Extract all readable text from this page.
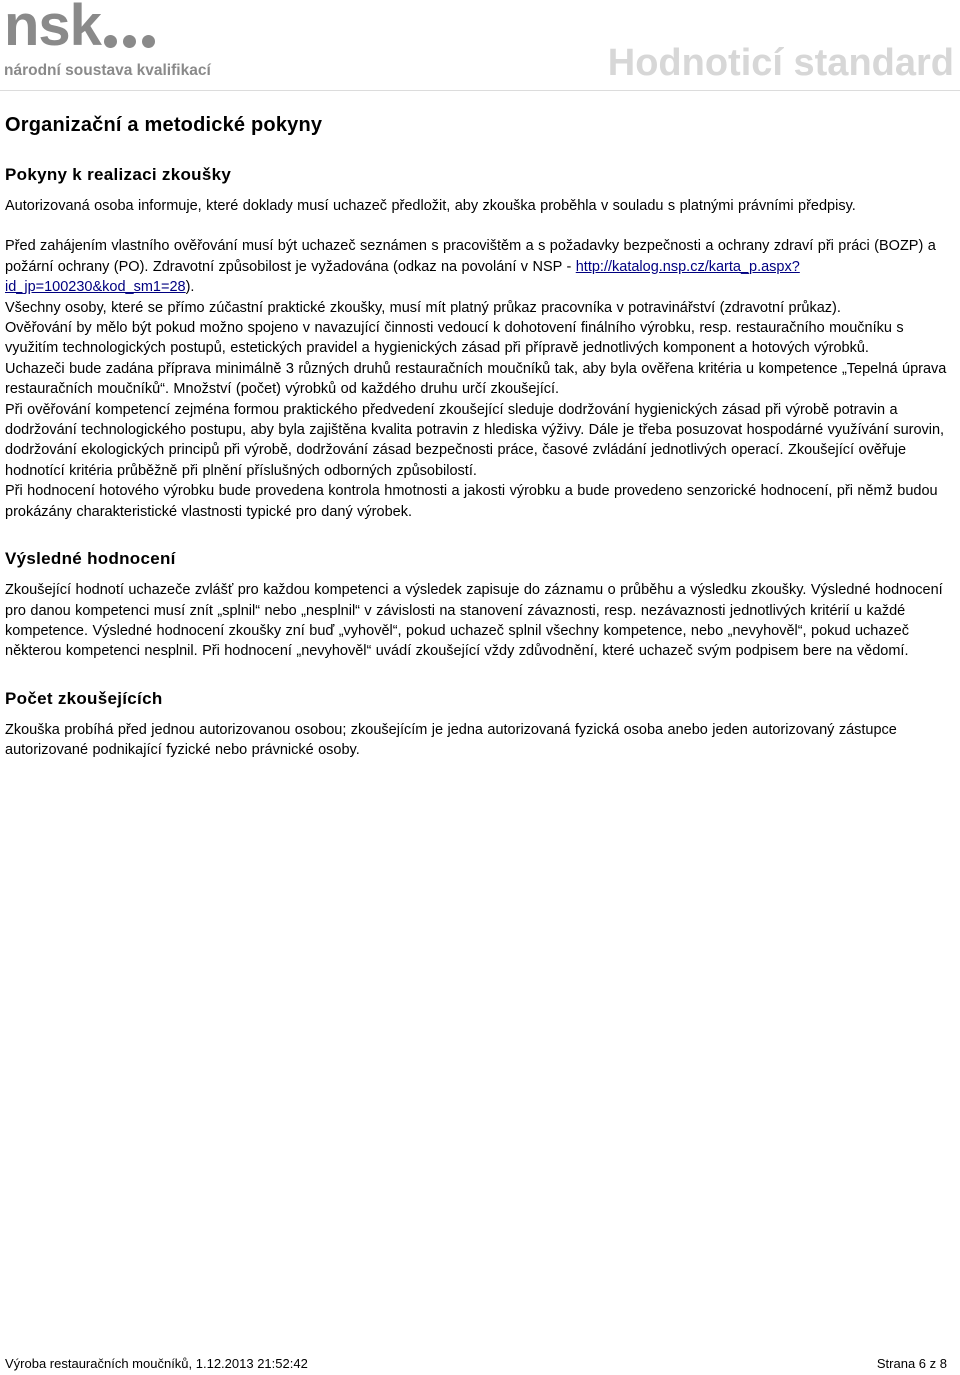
nsk
národní soustava kvalifikací	Hodnoticí standard
Organizační a metodické pokyny
Pokyny k realizaci zkoušky

Autorizovaná osoba informuje, které doklady musí uchazeč předložit, aby zkouška proběhla v souladu s platnými právními předpisy.

Před zahájením vlastního ověřování musí být uchazeč seznámen s pracovištěm a s požadavky bezpečnosti a ochrany zdraví při práci (BOZP) a požární ochrany (PO). Zdravotní způsobilost je vyžadována (odkaz na povolání v NSP - http://katalog.nsp.cz/karta_p.aspx?id_jp=100230&kod_sm1=28).

Všechny osoby, které se přímo zúčastní praktické zkoušky, musí mít platný průkaz pracovníka v potravinářství (zdravotní průkaz).

Ověřování by mělo být pokud možno spojeno v navazující činnosti vedoucí k dohotovení finálního výrobku, resp. restauračního moučníku s využitím technologických postupů, estetických pravidel a hygienických zásad při přípravě jednotlivých komponent a hotových výrobků.

Uchazeči bude zadána příprava minimálně 3 různých druhů restauračních moučníků tak, aby byla ověřena kritéria u kompetence „Tepelná úprava restauračních moučníků“. Množství (počet) výrobků od každého druhu určí zkoušející.

Při ověřování kompetencí zejména formou praktického předvedení zkoušející sleduje dodržování hygienických zásad při výrobě potravin a dodržování technologického postupu, aby byla zajištěna kvalita potravin z hlediska výživy. Dále je třeba posuzovat hospodárné využívání surovin, dodržování ekologických principů při výrobě, dodržování zásad bezpečnosti práce, časové zvládání jednotlivých operací. Zkoušející ověřuje hodnotící kritéria průběžně při plnění příslušných odborných způsobilostí.

Při hodnocení hotového výrobku bude provedena kontrola hmotnosti a jakosti výrobku a bude provedeno senzorické hodnocení, při němž budou prokázány charakteristické vlastnosti typické pro daný výrobek.

Výsledné hodnocení

Zkoušející hodnotí uchazeče zvlášť pro každou kompetenci a výsledek zapisuje do záznamu o průběhu a výsledku zkoušky. Výsledné hodnocení pro danou kompetenci musí znít „splnil“ nebo „nesplnil“ v závislosti na stanovení závaznosti, resp. nezávaznosti jednotlivých kritérií u každé kompetence. Výsledné hodnocení zkoušky zní buď „vyhověl“, pokud uchazeč splnil všechny kompetence, nebo „nevyhověl“, pokud uchazeč některou kompetenci nesplnil. Při hodnocení „nevyhověl“ uvádí zkoušející vždy zdůvodnění, které uchazeč svým podpisem bere na vědomí.

Počet zkoušejících

Zkouška probíhá před jednou autorizovanou osobou; zkoušejícím je jedna autorizovaná fyzická osoba anebo jeden autorizovaný zástupce autorizované podnikající fyzické nebo právnické osoby.

Výroba restauračních moučníků, 1.12.2013 21:52:42	Strana 6 z 8
